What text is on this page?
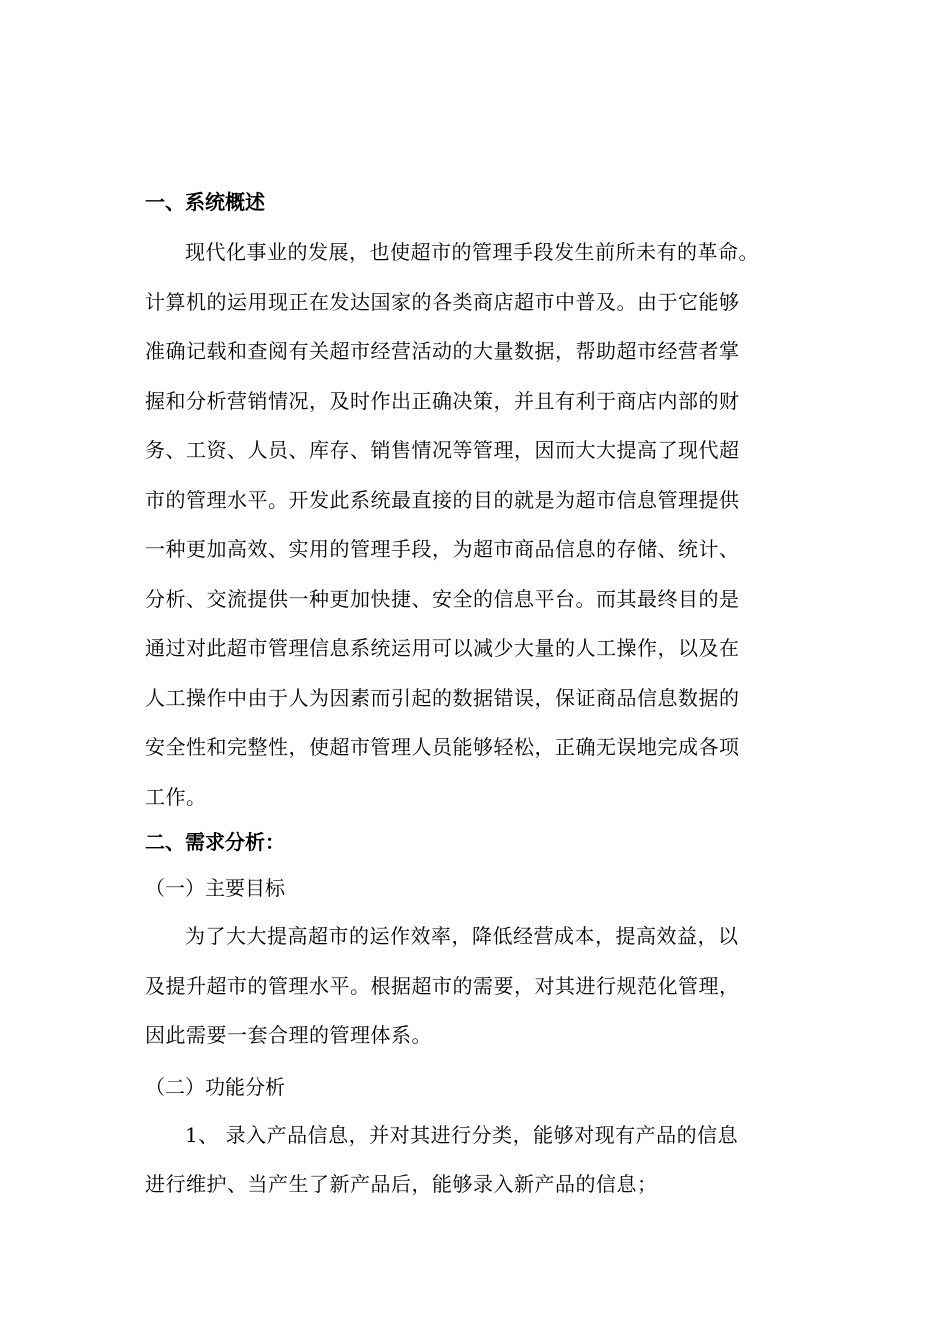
一、系统概述
现代化事业的发展，也使超市的管理手段发生前所未有的革命。
计算机的运用现正在发达国家的各类商店超市中普及。由于它能够
准确记载和查阅有关超市经营活动的大量数据，帮助超市经营者掌
握和分析营销情况，及时作出正确决策，并且有利于商店内部的财
务、工资、人员、库存、销售情况等管理，因而大大提高了现代超
市的管理水平。开发此系统最直接的目的就是为超市信息管理提供
一种更加高效、实用的管理手段，为超市商品信息的存储、统计、
分析、交流提供一种更加快捷、安全的信息平台。而其最终目的是
通过对此超市管理信息系统运用可以减少大量的人工操作，以及在
人工操作中由于人为因素而引起的数据错误，保证商品信息数据的
安全性和完整性，使超市管理人员能够轻松，正确无误地完成各项
工作。
二、需求分析：
（一）主要目标
为了大大提高超市的运作效率，降低经营成本，提高效益，以
及提升超市的管理水平。根据超市的需要，对其进行规范化管理，
因此需要一套合理的管理体系。
（二）功能分析
1、 录入产品信息，并对其进行分类，能够对现有产品的信息
进行维护、当产生了新产品后，能够录入新产品的信息；
